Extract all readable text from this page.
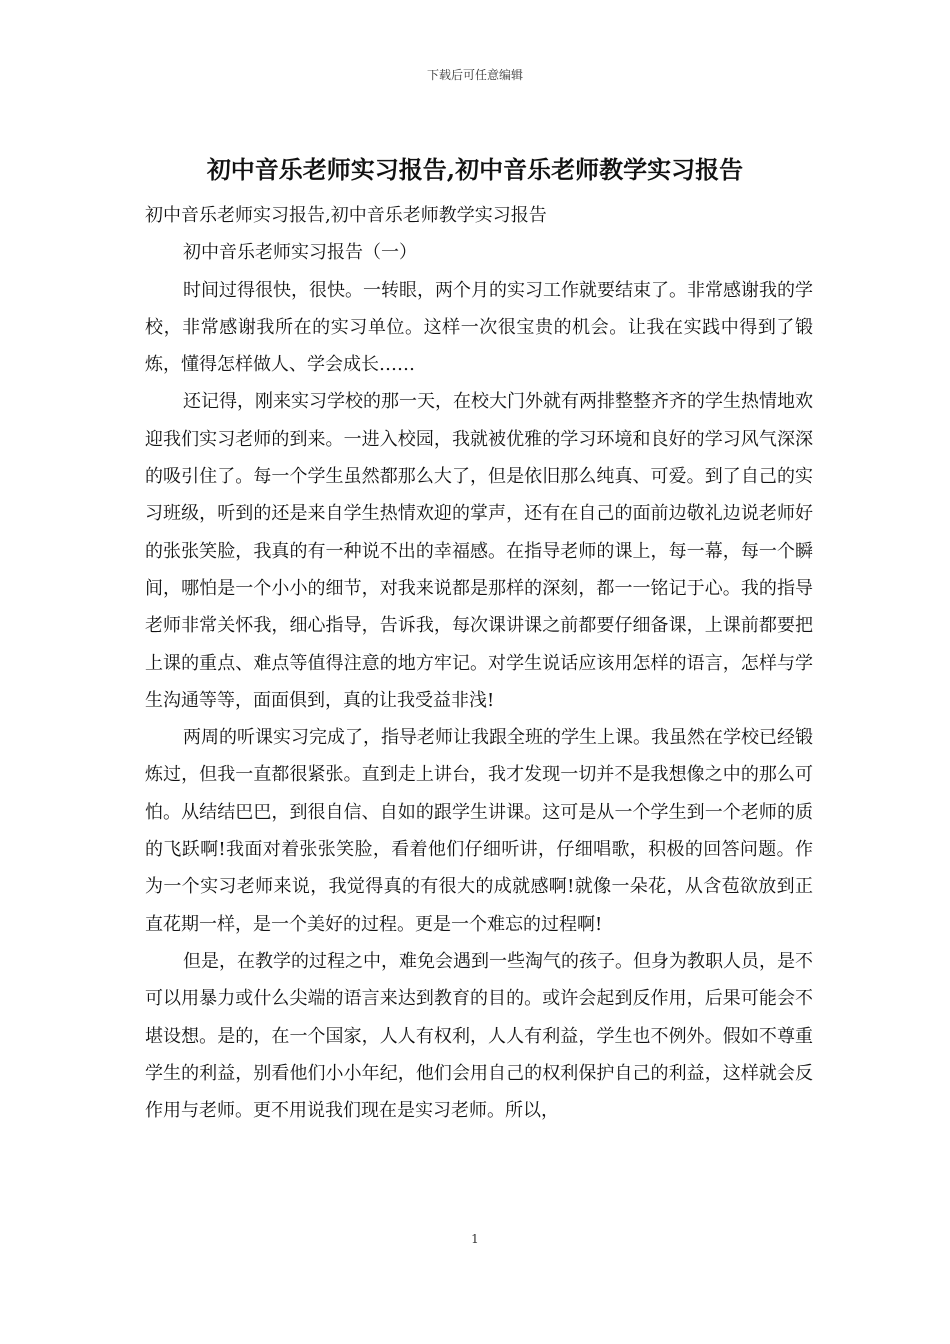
下载后可任意编辑
初中音乐老师实习报告,初中音乐老师教学实习报告

初中音乐老师实习报告,初中音乐老师教学实习报告

初中音乐老师实习报告（一）

时间过得很快，很快。一转眼，两个月的实习工作就要结束了。非常感谢我的学校，非常感谢我所在的实习单位。这样一次很宝贵的机会。让我在实践中得到了锻炼，懂得怎样做人、学会成长……

还记得，刚来实习学校的那一天，在校大门外就有两排整整齐齐的学生热情地欢迎我们实习老师的到来。一进入校园，我就被优雅的学习环境和良好的学习风气深深的吸引住了。每一个学生虽然都那么大了，但是依旧那么纯真、可爱。到了自己的实习班级，听到的还是来自学生热情欢迎的掌声，还有在自己的面前边敬礼边说老师好的张张笑脸，我真的有一种说不出的幸福感。在指导老师的课上，每一幕，每一个瞬间，哪怕是一个小小的细节，对我来说都是那样的深刻，都一一铭记于心。我的指导老师非常关怀我，细心指导，告诉我，每次课讲课之前都要仔细备课，上课前都要把上课的重点、难点等值得注意的地方牢记。对学生说话应该用怎样的语言，怎样与学生沟通等等，面面俱到，真的让我受益非浅!

两周的听课实习完成了，指导老师让我跟全班的学生上课。我虽然在学校已经锻炼过，但我一直都很紧张。直到走上讲台，我才发现一切并不是我想像之中的那么可怕。从结结巴巴，到很自信、自如的跟学生讲课。这可是从一个学生到一个老师的质的飞跃啊!我面对着张张笑脸，看着他们仔细听讲，仔细唱歌，积极的回答问题。作为一个实习老师来说，我觉得真的有很大的成就感啊!就像一朵花，从含苞欲放到正直花期一样，是一个美好的过程。更是一个难忘的过程啊!

但是，在教学的过程之中，难免会遇到一些淘气的孩子。但身为教职人员，是不可以用暴力或什么尖端的语言来达到教育的目的。或许会起到反作用，后果可能会不堪设想。是的，在一个国家，人人有权利，人人有利益，学生也不例外。假如不尊重学生的利益，别看他们小小年纪，他们会用自己的权利保护自己的利益，这样就会反作用与老师。更不用说我们现在是实习老师。所以，

1
